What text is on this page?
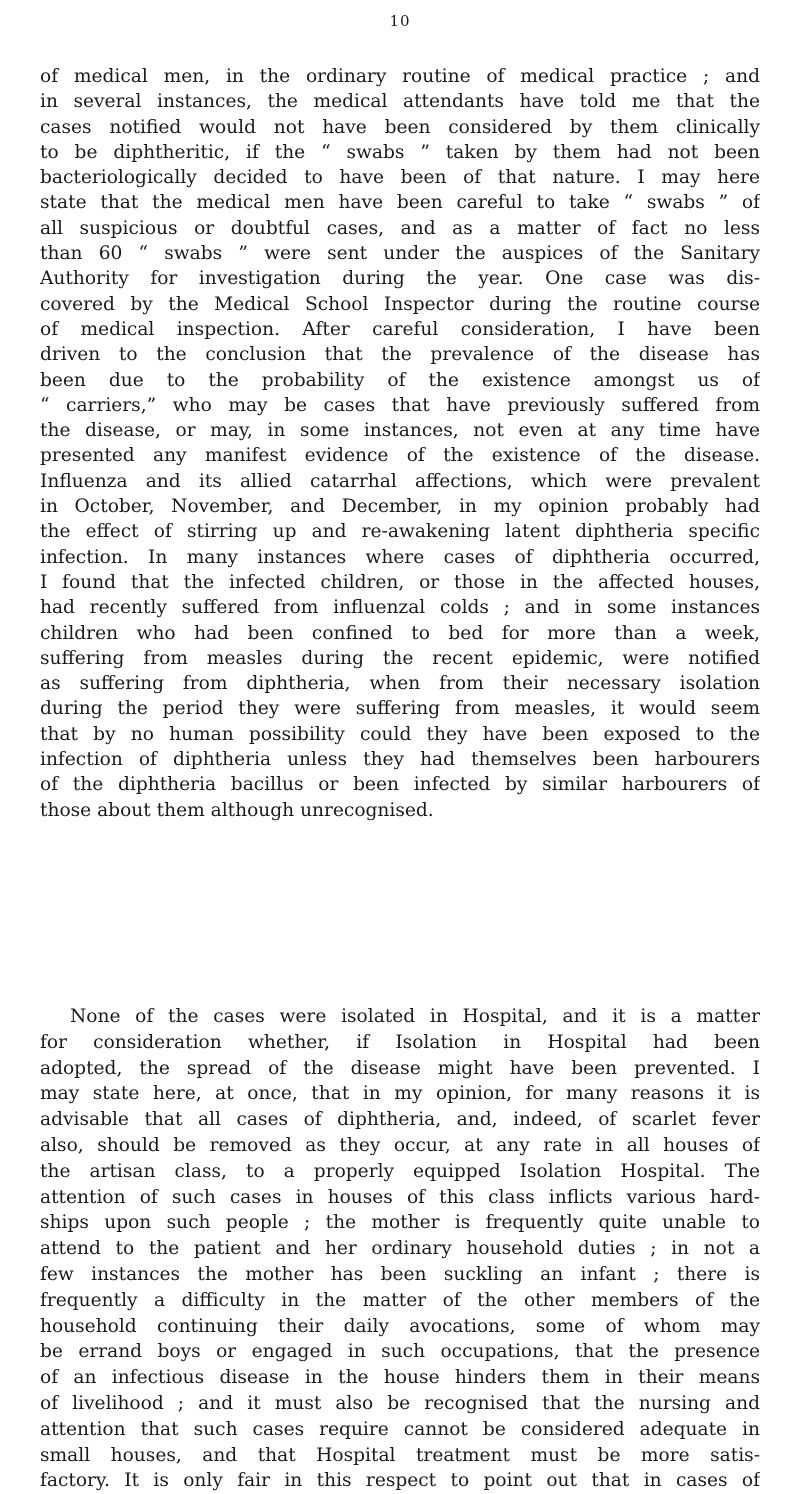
10
of medical men, in the ordinary routine of medical practice ; and
in several instances, the medical attendants have told me that the
cases notified would not have been considered by them clinically
to be diphtheritic, if the “ swabs ” taken by them had not been
bacteriologically decided to have been of that nature. I may here
state that the medical men have been careful to take “ swabs ” of
all suspicious or doubtful cases, and as a matter of fact no less
than 60 “ swabs ” were sent under the auspices of the Sanitary
Authority for investigation during the year. One case was dis-
covered by the Medical School Inspector during the routine course
of medical inspection. After careful consideration, I have been
driven to the conclusion that the prevalence of the disease has
been due to the probability of the existence amongst us of
“ carriers,” who may be cases that have previously suffered from
the disease, or may, in some instances, not even at any time have
presented any manifest evidence of the existence of the disease.
Influenza and its allied catarrhal affections, which were prevalent
in October, November, and December, in my opinion probably had
the effect of stirring up and re-awakening latent diphtheria specific
infection. In many instances where cases of diphtheria occurred,
I found that the infected children, or those in the affected houses,
had recently suffered from influenzal colds ; and in some instances
children who had been confined to bed for more than a week,
suffering from measles during the recent epidemic, were notified
as suffering from diphtheria, when from their necessary isolation
during the period they were suffering from measles, it would seem
that by no human possibility could they have been exposed to the
infection of diphtheria unless they had themselves been harbourers
of the diphtheria bacillus or been infected by similar harbourers of
those about them although unrecognised.
None of the cases were isolated in Hospital, and it is a matter
for consideration whether, if Isolation in Hospital had been
adopted, the spread of the disease might have been prevented. I
may state here, at once, that in my opinion, for many reasons it is
advisable that all cases of diphtheria, and, indeed, of scarlet fever
also, should be removed as they occur, at any rate in all houses of
the artisan class, to a properly equipped Isolation Hospital. The
attention of such cases in houses of this class inflicts various hard-
ships upon such people ; the mother is frequently quite unable to
attend to the patient and her ordinary household duties ; in not a
few instances the mother has been suckling an infant ; there is
frequently a difficulty in the matter of the other members of the
household continuing their daily avocations, some of whom may
be errand boys or engaged in such occupations, that the presence
of an infectious disease in the house hinders them in their means
of livelihood ; and it must also be recognised that the nursing and
attention that such cases require cannot be considered adequate in
small houses, and that Hospital treatment must be more satis-
factory. It is only fair in this respect to point out that in cases of
